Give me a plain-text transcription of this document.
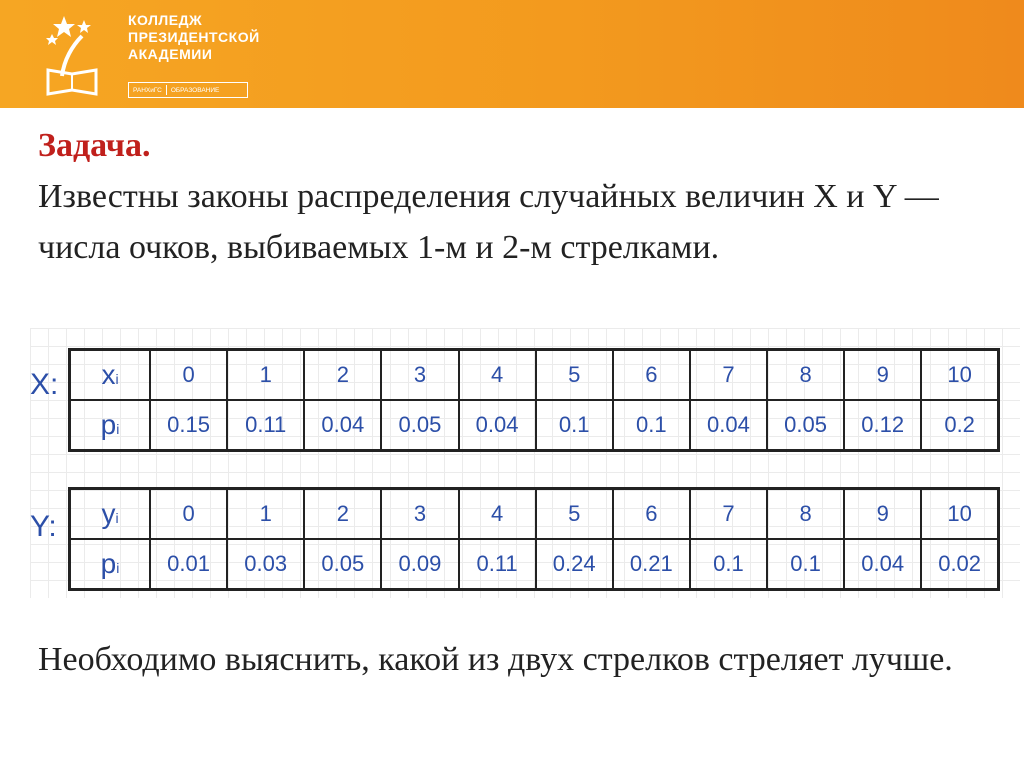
КОЛЛЕДЖ
ПРЕЗИДЕНТСКОЙ
АКАДЕМИИ
РАНХиГС	ОБРАЗОВАНИЕ
Задача.
Известны законы распределения случайных величин X и Y —числа очков, выбиваемых 1-м и 2-м стрелками.
X: xi	0	1	2	3	4	5	6	7	8	9	10
pi	0.15	0.11	0.04	0.05	0.04	0.1	0.1	0.04	0.05	0.12	0.2
Y: yi	0	1	2	3	4	5	6	7	8	9	10
pi	0.01	0.03	0.05	0.09	0.11	0.24	0.21	0.1	0.1	0.04	0.02
Необходимо выяснить, какой из двух стрелков стреляет лучше.
